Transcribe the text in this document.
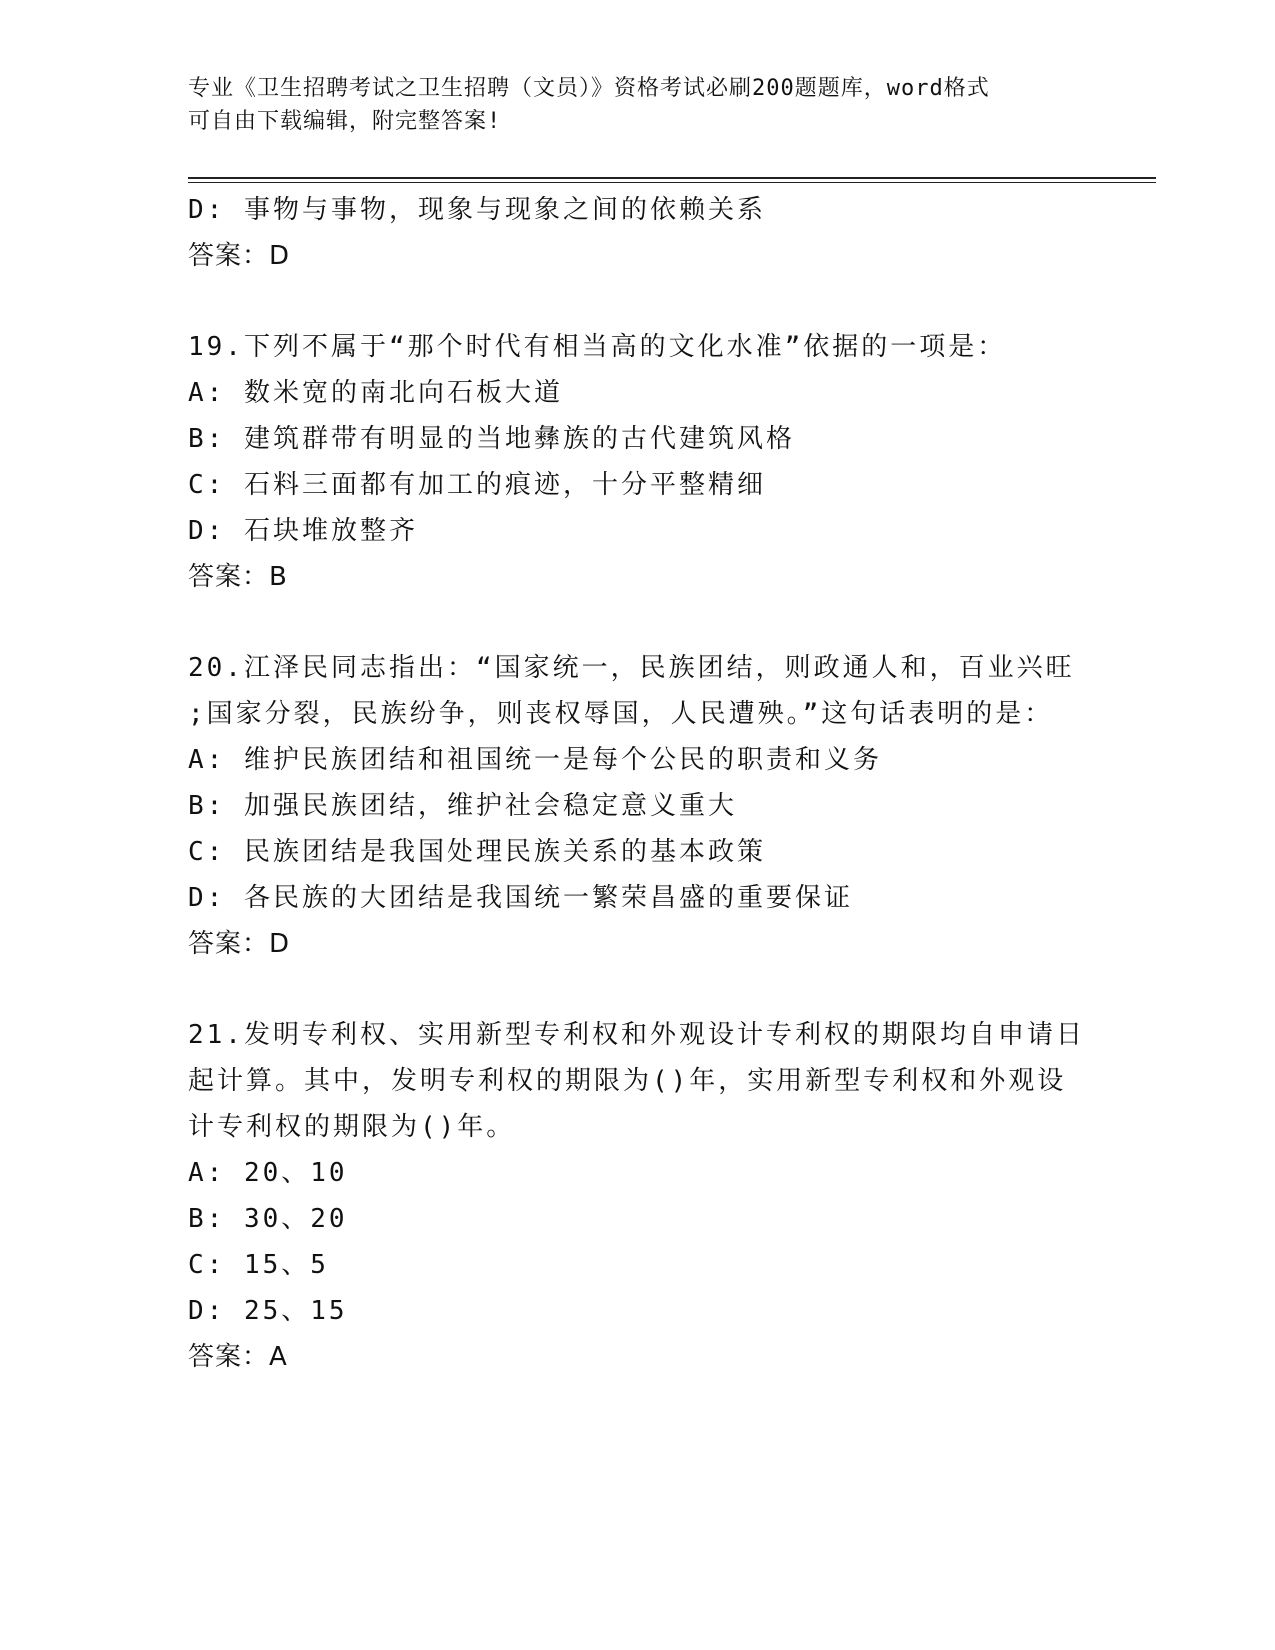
专业《卫生招聘考试之卫生招聘（文员）》资格考试必刷200题题库，word格式
可自由下载编辑，附完整答案!
D: 事物与事物，现象与现象之间的依赖关系
答案：D
19.下列不属于“那个时代有相当高的文化水准”依据的一项是：
A: 数米宽的南北向石板大道
B: 建筑群带有明显的当地彝族的古代建筑风格
C: 石料三面都有加工的痕迹，十分平整精细
D: 石块堆放整齐
答案：B
20.江泽民同志指出：“国家统一，民族团结，则政通人和，百业兴旺
;国家分裂，民族纷争，则丧权辱国，人民遭殃。”这句话表明的是：
A: 维护民族团结和祖国统一是每个公民的职责和义务
B: 加强民族团结，维护社会稳定意义重大
C: 民族团结是我国处理民族关系的基本政策
D: 各民族的大团结是我国统一繁荣昌盛的重要保证
答案：D
21.发明专利权、实用新型专利权和外观设计专利权的期限均自申请日
起计算。其中，发明专利权的期限为()年，实用新型专利权和外观设
计专利权的期限为()年。
A: 20、10
B: 30、20
C: 15、5
D: 25、15
答案：A
